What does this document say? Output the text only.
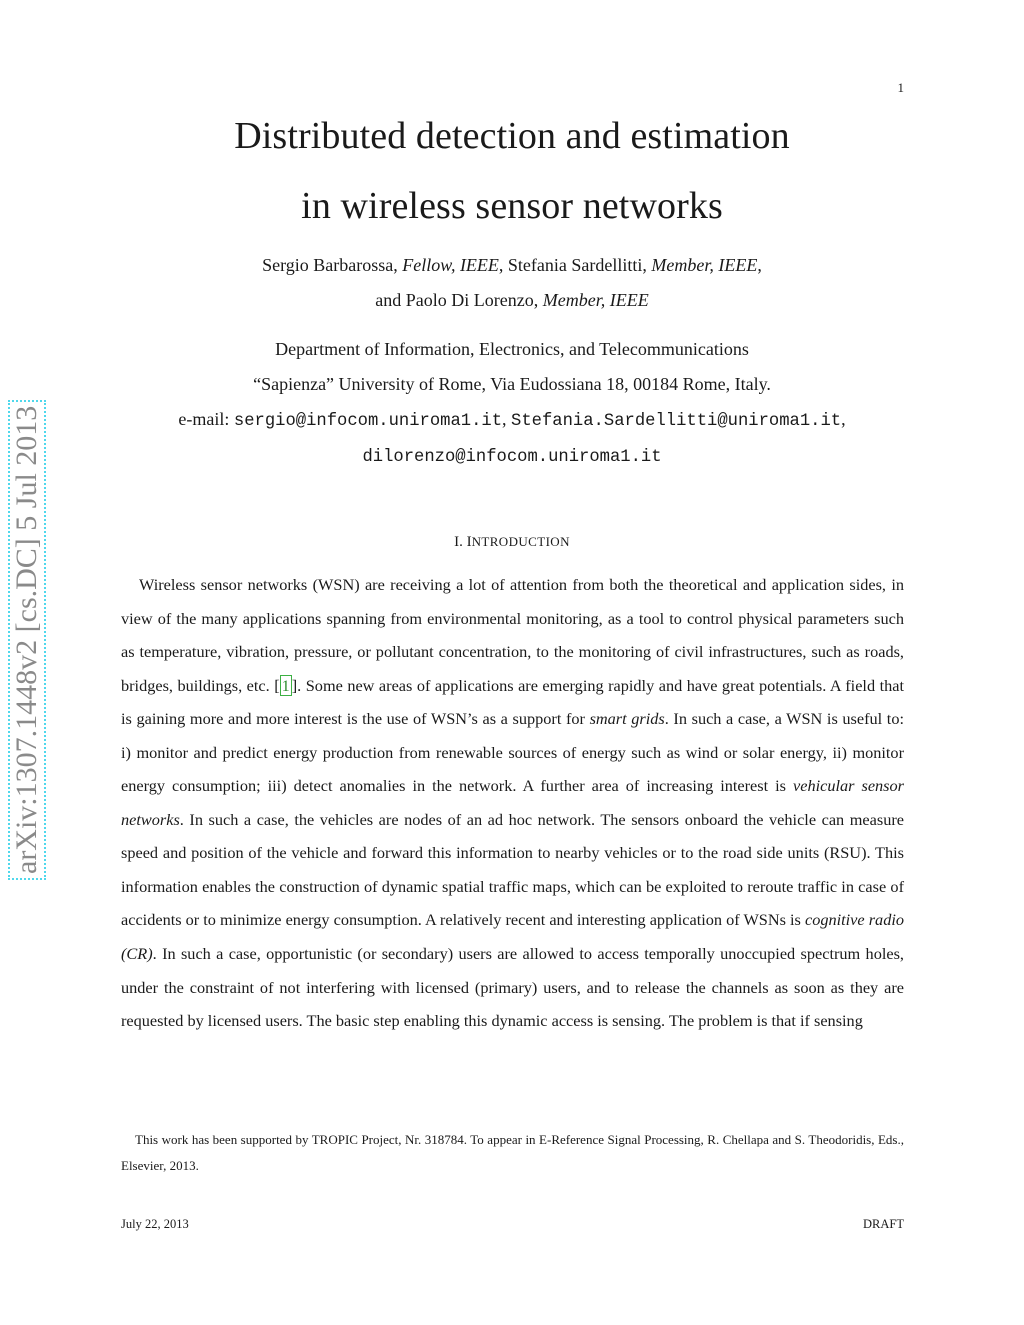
1
Distributed detection and estimation
in wireless sensor networks
Sergio Barbarossa, Fellow, IEEE, Stefania Sardellitti, Member, IEEE,
and Paolo Di Lorenzo, Member, IEEE
Department of Information, Electronics, and Telecommunications
“Sapienza” University of Rome, Via Eudossiana 18, 00184 Rome, Italy.
e-mail: sergio@infocom.uniroma1.it, Stefania.Sardellitti@uniroma1.it,
dilorenzo@infocom.uniroma1.it
arXiv:1307.1448v2 [cs.DC] 5 Jul 2013	I. INTRODUCTION

Wireless sensor networks (WSN) are receiving a lot of attention from both the theoretical and application sides, in view of the many applications spanning from environmental monitoring, as a tool to control physical parameters such as temperature, vibration, pressure, or pollutant concentration, to the monitoring of civil infrastructures, such as roads, bridges, buildings, etc. [ 1 ]. Some new areas of applications are emerging rapidly and have great potentials. A field that is gaining more and more interest is the use of WSN’s as a support for smart grids. In such a case, a WSN is useful to: i) monitor and predict energy production from renewable sources of energy such as wind or solar energy, ii) monitor energy consumption; iii) detect anomalies in the network. A further area of increasing interest is vehicular sensor networks. In such a case, the vehicles are nodes of an ad hoc network. The sensors onboard the vehicle can measure speed and position of the vehicle and forward this information to nearby vehicles or to the road side units (RSU). This information enables the construction of dynamic spatial traffic maps, which can be exploited to reroute traffic in case of accidents or to minimize energy consumption. A relatively recent and interesting application of WSNs is cognitive radio (CR). In such a case, opportunistic (or secondary) users are allowed to access temporally unoccupied spectrum holes, under the constraint of not interfering with licensed (primary) users, and to release the channels as soon as they are requested by licensed users. The basic step enabling this dynamic access is sensing. The problem is that if sensing

This work has been supported by TROPIC Project, Nr. 318784. To appear in E-Reference Signal Processing, R. Chellapa and S. Theodoridis, Eds., Elsevier, 2013.

July 22, 2013	DRAFT
